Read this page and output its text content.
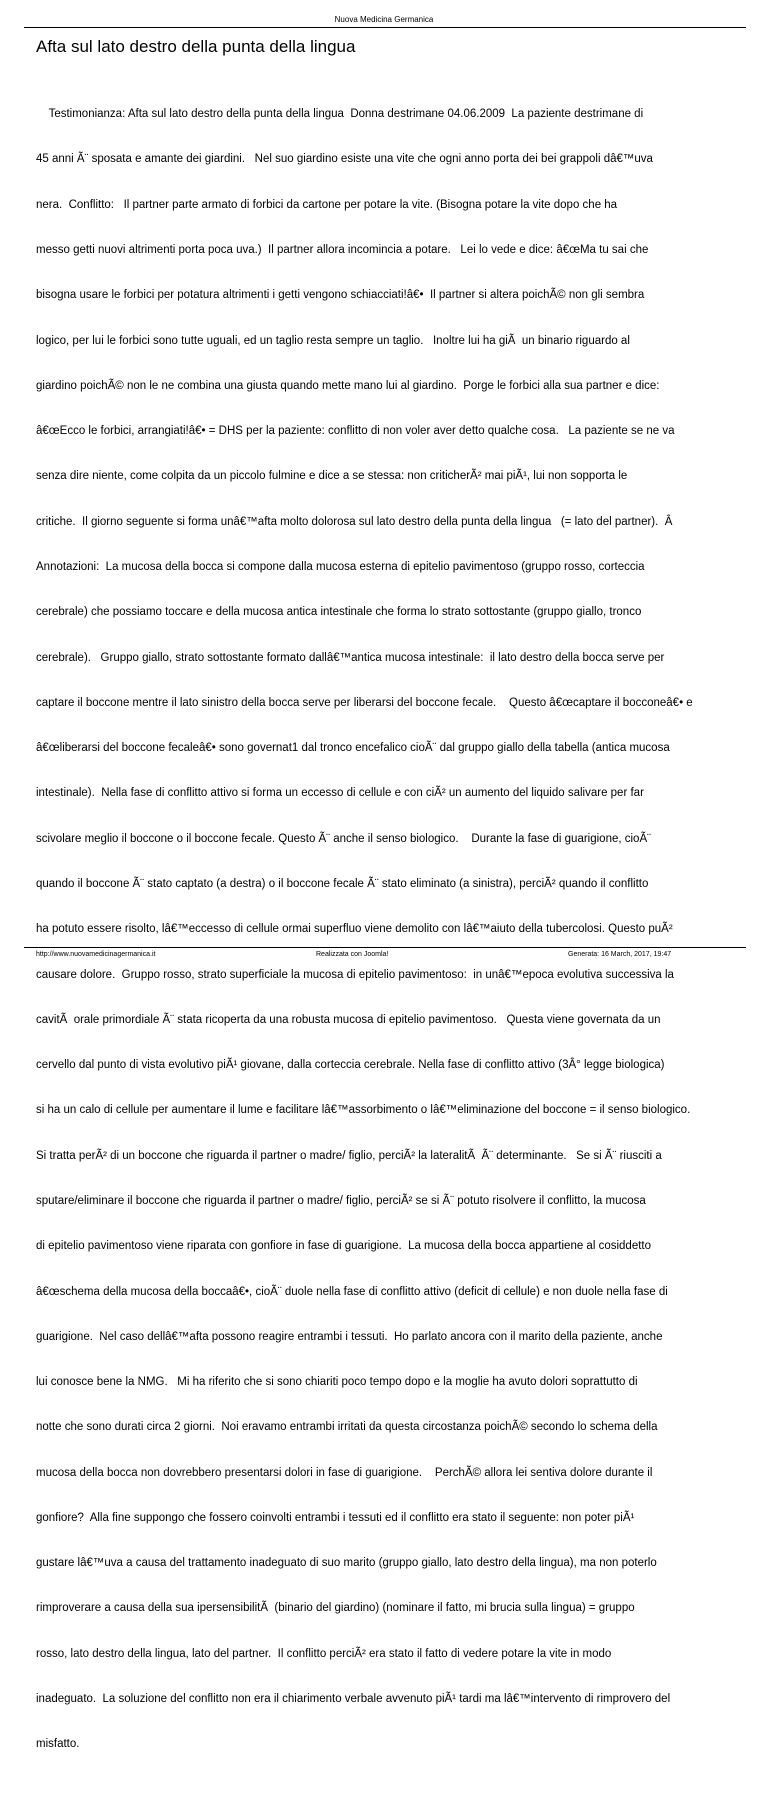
Nuova Medicina Germanica
Afta sul lato destro della punta della lingua

Testimonianza: Afta sul lato destro della punta della lingua  Donna destrimane 04.06.2009  La paziente destrimane di

45 anni Ã¨ sposata e amante dei giardini.   Nel suo giardino esiste una vite che ogni anno porta dei bei grappoli dâ€™uva

nera.  Conflitto:   Il partner parte armato di forbici da cartone per potare la vite. (Bisogna potare la vite dopo che ha

messo getti nuovi altrimenti porta poca uva.)  Il partner allora incomincia a potare.   Lei lo vede e dice: â€œMa tu sai che

bisogna usare le forbici per potatura altrimenti i getti vengono schiacciati!â€•  Il partner si altera poichÃ© non gli sembra

logico, per lui le forbici sono tutte uguali, ed un taglio resta sempre un taglio.   Inoltre lui ha giÃ  un binario riguardo al

giardino poichÃ© non le ne combina una giusta quando mette mano lui al giardino.  Porge le forbici alla sua partner e dice:

â€œEcco le forbici, arrangiati!â€• = DHS per la paziente: conflitto di non voler aver detto qualche cosa.   La paziente se ne va

senza dire niente, come colpita da un piccolo fulmine e dice a se stessa: non criticherÃ² mai piÃ¹, lui non sopporta le

critiche.  Il giorno seguente si forma unâ€™afta molto dolorosa sul lato destro della punta della lingua   (= lato del partner).  Â

Annotazioni:  La mucosa della bocca si compone dalla mucosa esterna di epitelio pavimentoso (gruppo rosso, corteccia

cerebrale) che possiamo toccare e della mucosa antica intestinale che forma lo strato sottostante (gruppo giallo, tronco

cerebrale).   Gruppo giallo, strato sottostante formato dallâ€™antica mucosa intestinale:  il lato destro della bocca serve per

captare il boccone mentre il lato sinistro della bocca serve per liberarsi del boccone fecale.    Questo â€œcaptare il bocconeâ€• e

â€œliberarsi del boccone fecaleâ€• sono governat1 dal tronco encefalico cioÃ¨ dal gruppo giallo della tabella (antica mucosa

intestinale).  Nella fase di conflitto attivo si forma un eccesso di cellule e con ciÃ² un aumento del liquido salivare per far

scivolare meglio il boccone o il boccone fecale. Questo Ã¨ anche il senso biologico.    Durante la fase di guarigione, cioÃ¨

quando il boccone Ã¨ stato captato (a destra) o il boccone fecale Ã¨ stato eliminato (a sinistra), perciÃ² quando il conflitto

ha potuto essere risolto, lâ€™eccesso di cellule ormai superfluo viene demolito con lâ€™aiuto della tubercolosi. Questo puÃ²

causare dolore.  Gruppo rosso, strato superficiale la mucosa di epitelio pavimentoso:  in unâ€™epoca evolutiva successiva la

cavitÃ  orale primordiale Ã¨ stata ricoperta da una robusta mucosa di epitelio pavimentoso.   Questa viene governata da un

cervello dal punto di vista evolutivo piÃ¹ giovane, dalla corteccia cerebrale. Nella fase di conflitto attivo (3Â° legge biologica)

si ha un calo di cellule per aumentare il lume e facilitare lâ€™assorbimento o lâ€™eliminazione del boccone = il senso biologico.

Si tratta perÃ² di un boccone che riguarda il partner o madre/ figlio, perciÃ² la lateralitÃ  Ã¨ determinante.   Se si Ã¨ riusciti a

sputare/eliminare il boccone che riguarda il partner o madre/ figlio, perciÃ² se si Ã¨ potuto risolvere il conflitto, la mucosa

di epitelio pavimentoso viene riparata con gonfiore in fase di guarigione.  La mucosa della bocca appartiene al cosiddetto

â€œschema della mucosa della boccaâ€•, cioÃ¨ duole nella fase di conflitto attivo (deficit di cellule) e non duole nella fase di

guarigione.  Nel caso dellâ€™afta possono reagire entrambi i tessuti.  Ho parlato ancora con il marito della paziente, anche

lui conosce bene la NMG.   Mi ha riferito che si sono chiariti poco tempo dopo e la moglie ha avuto dolori soprattutto di

notte che sono durati circa 2 giorni.  Noi eravamo entrambi irritati da questa circostanza poichÃ© secondo lo schema della

mucosa della bocca non dovrebbero presentarsi dolori in fase di guarigione.    PerchÃ© allora lei sentiva dolore durante il

gonfiore?  Alla fine suppongo che fossero coinvolti entrambi i tessuti ed il conflitto era stato il seguente: non poter piÃ¹

gustare lâ€™uva a causa del trattamento inadeguato di suo marito (gruppo giallo, lato destro della lingua), ma non poterlo

rimproverare a causa della sua ipersensibilitÃ  (binario del giardino) (nominare il fatto, mi brucia sulla lingua) = gruppo

rosso, lato destro della lingua, lato del partner.  Il conflitto perciÃ² era stato il fatto di vedere potare la vite in modo

inadeguato.  La soluzione del conflitto non era il chiarimento verbale avvenuto piÃ¹ tardi ma lâ€™intervento di rimprovero del

misfatto.

http://www.nuovamedicinagermanica.it	Realizzata con Joomla!	Generata: 16 March, 2017, 19:47
